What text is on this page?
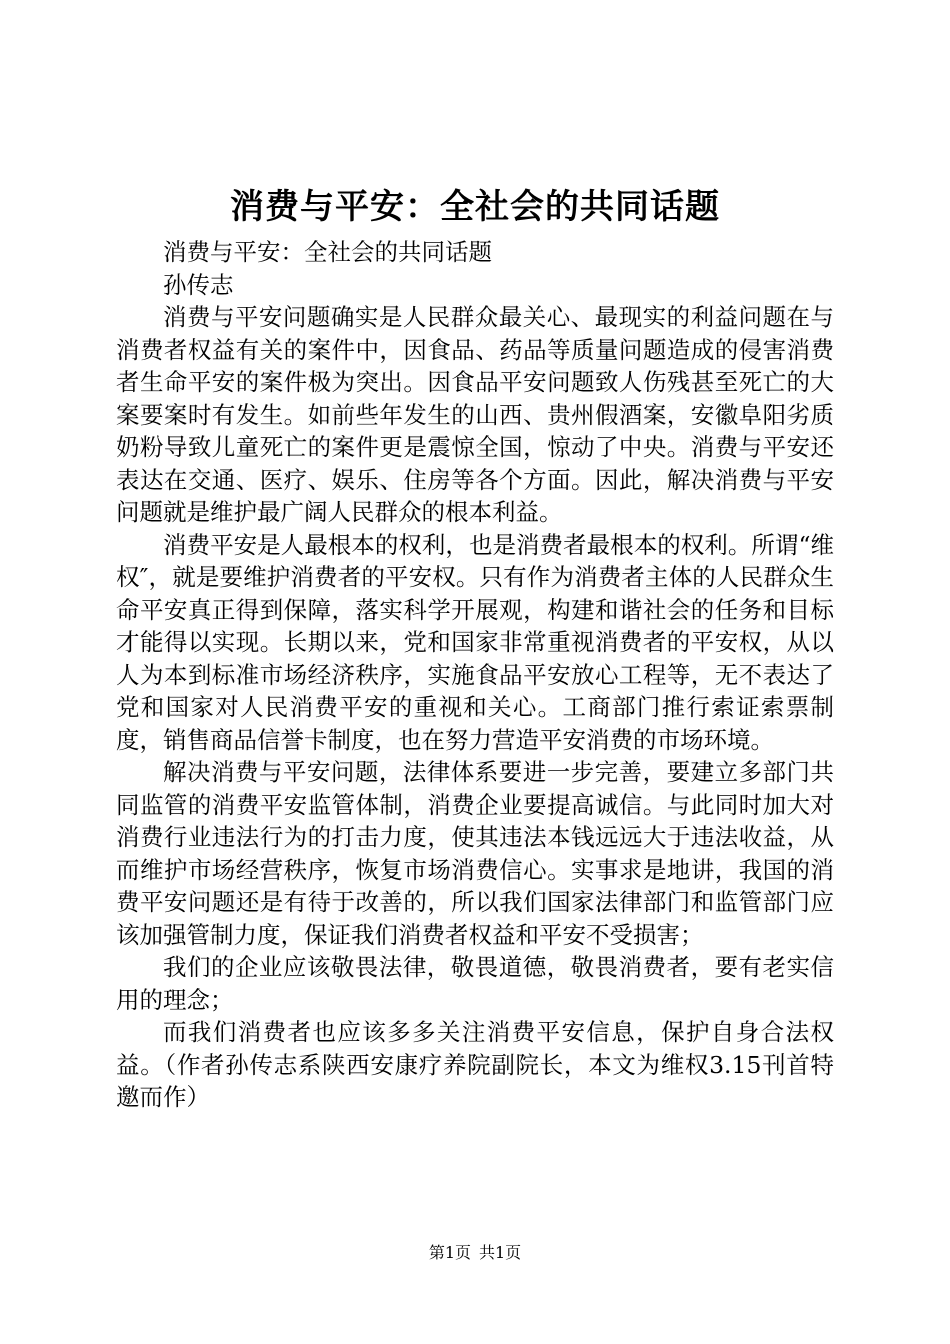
消费与平安：全社会的共同话题

消费与平安：全社会的共同话题

孙传志

消费与平安问题确实是人民群众最关心、最现实的利益问题在与消费者权益有关的案件中，因食品、药品等质量问题造成的侵害消费者生命平安的案件极为突出。因食品平安问题致人伤残甚至死亡的大案要案时有发生。如前些年发生的山西、贵州假酒案，安徽阜阳劣质奶粉导致儿童死亡的案件更是震惊全国，惊动了中央。消费与平安还表达在交通、医疗、娱乐、住房等各个方面。因此，解决消费与平安问题就是维护最广阔人民群众的根本利益。

消费平安是人最根本的权利，也是消费者最根本的权利。所谓“维权″，就是要维护消费者的平安权。只有作为消费者主体的人民群众生命平安真正得到保障，落实科学开展观，构建和谐社会的任务和目标才能得以实现。长期以来，党和国家非常重视消费者的平安权，从以人为本到标准市场经济秩序，实施食品平安放心工程等，无不表达了党和国家对人民消费平安的重视和关心。工商部门推行索证索票制度，销售商品信誉卡制度，也在努力营造平安消费的市场环境。

解决消费与平安问题，法律体系要进一步完善，要建立多部门共同监管的消费平安监管体制，消费企业要提高诚信。与此同时加大对消费行业违法行为的打击力度，使其违法本钱远远大于违法收益，从而维护市场经营秩序，恢复市场消费信心。实事求是地讲，我国的消费平安问题还是有待于改善的，所以我们国家法律部门和监管部门应该加强管制力度，保证我们消费者权益和平安不受损害；

我们的企业应该敬畏法律，敬畏道德，敬畏消费者，要有老实信用的理念；

而我们消费者也应该多多关注消费平安信息，保护自身合法权益。（作者孙传志系陕西安康疗养院副院长，本文为维权3.15刊首特邀而作）

第1页 共1页
